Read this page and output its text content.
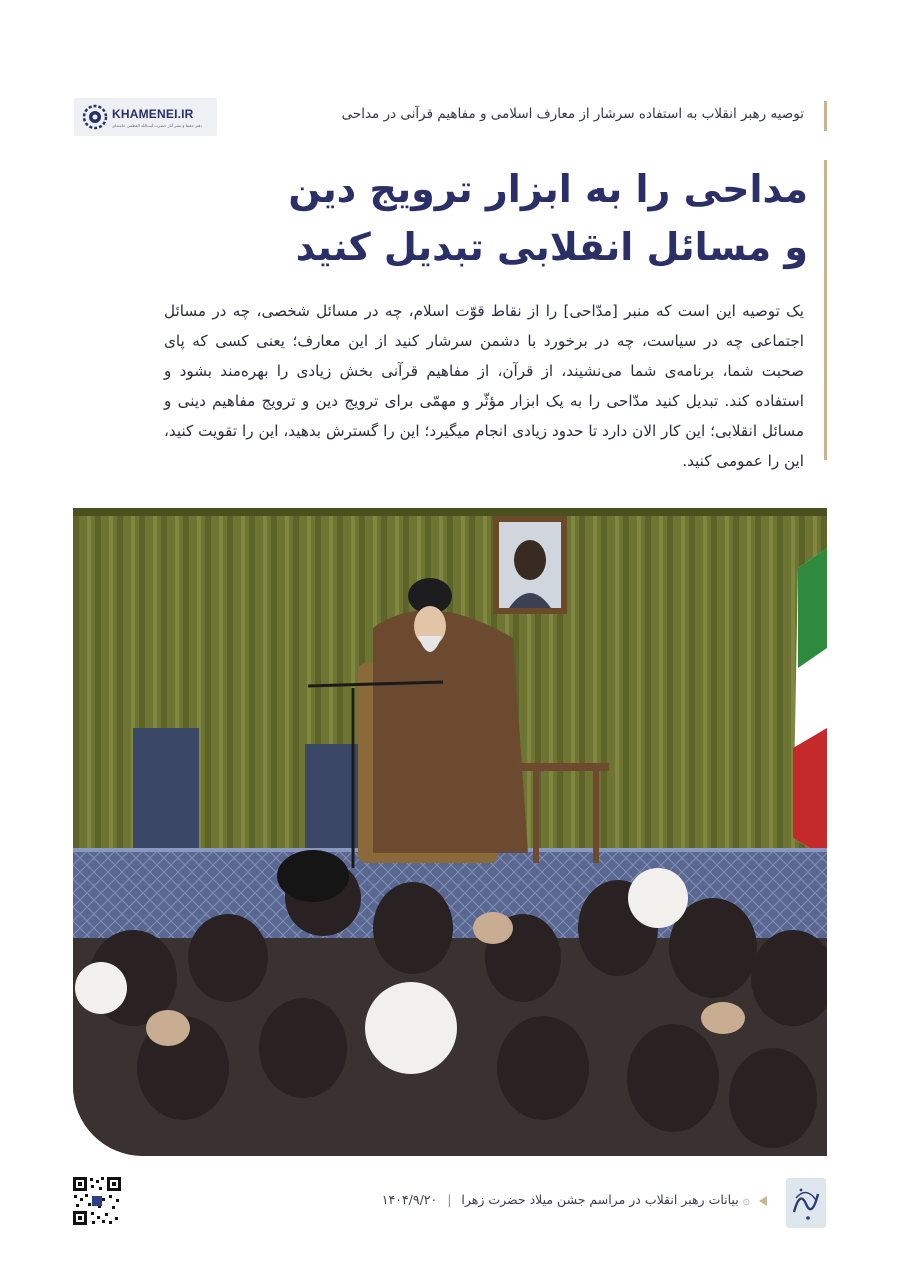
KHAMENEI.IR
دفتر حفظ و نشر آثار حضرت آیت‌الله العظمی خامنه‌ای
توصیه رهبر انقلاب به استفاده سرشار از معارف اسلامی و مفاهیم قرآنی در مداحی
مداحی را به ابزار ترویج دین
و مسائل انقلابی تبدیل کنید
یک توصیه این است که منبر [مدّاحی] را از نقاط قوّت اسلام، چه در مسائل شخصی، چه در مسائل اجتماعی چه در سیاست، چه در برخورد با دشمن سرشار کنید از این معارف؛ یعنی کسی که پای صحبت شما، برنامه‌ی شما می‌نشیند، از قرآن، از مفاهیم قرآنی بخش زیادی را بهره‌مند بشود و استفاده کند. تبدیل کنید مدّاحی را به یک ابزار مؤثّر و مهمّی برای ترویج دین و ترویج مفاهیم دینی و مسائل انقلابی؛ این کار الان دارد تا حدود زیادی انجام میگیرد؛ این را گسترش بدهید، این را تقویت کنید، این را عمومی کنید.
۞ بیانات رهبر انقلاب در مراسم جشن میلاد حضرت زهرا | ۱۴۰۴/۹/۲۰
